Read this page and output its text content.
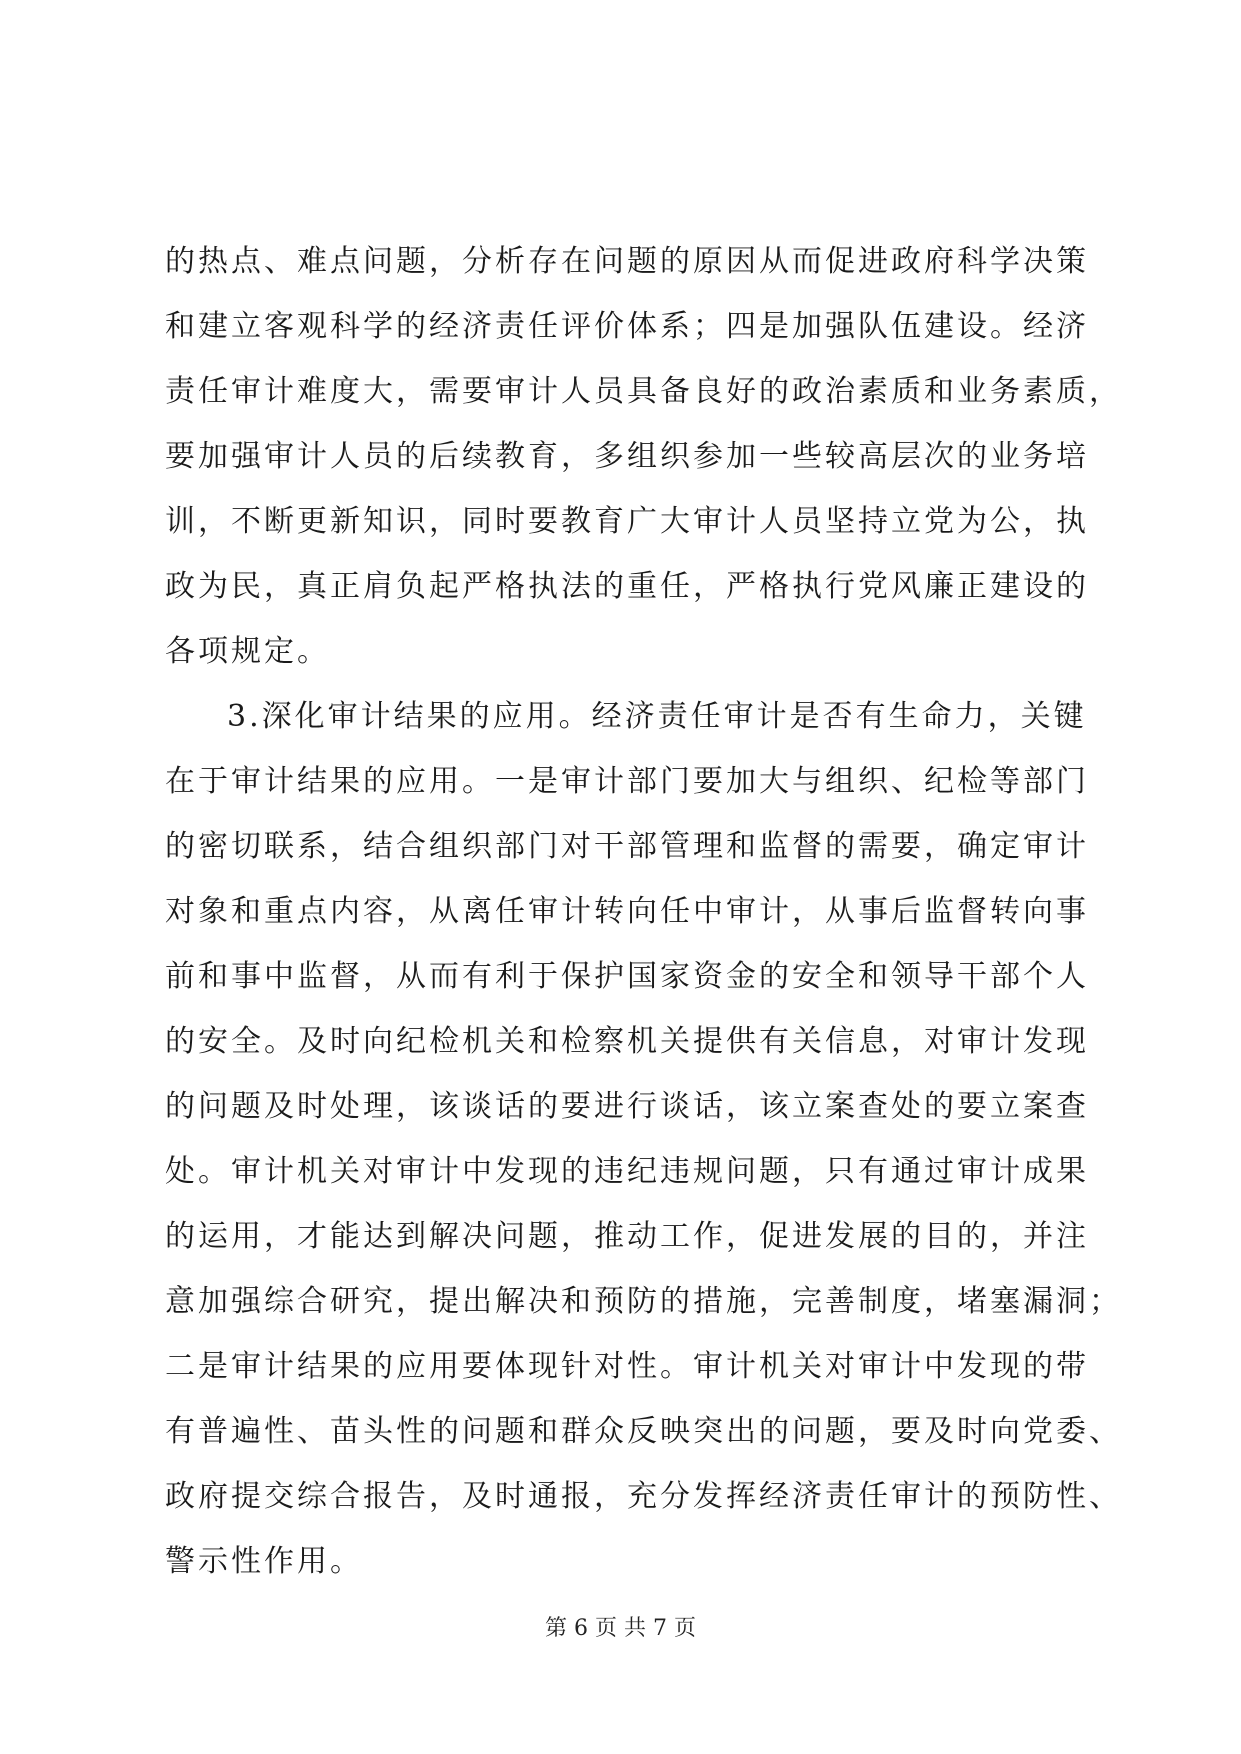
的热点、难点问题，分析存在问题的原因从而促进政府科学决策
和建立客观科学的经济责任评价体系；四是加强队伍建设。经济
责任审计难度大，需要审计人员具备良好的政治素质和业务素质，
要加强审计人员的后续教育，多组织参加一些较高层次的业务培
训，不断更新知识，同时要教育广大审计人员坚持立党为公，执
政为民，真正肩负起严格执法的重任，严格执行党风廉正建设的
各项规定。
3.深化审计结果的应用。经济责任审计是否有生命力，关键
在于审计结果的应用。一是审计部门要加大与组织、纪检等部门
的密切联系，结合组织部门对干部管理和监督的需要，确定审计
对象和重点内容，从离任审计转向任中审计，从事后监督转向事
前和事中监督，从而有利于保护国家资金的安全和领导干部个人
的安全。及时向纪检机关和检察机关提供有关信息，对审计发现
的问题及时处理，该谈话的要进行谈话，该立案查处的要立案查
处。审计机关对审计中发现的违纪违规问题，只有通过审计成果
的运用，才能达到解决问题，推动工作，促进发展的目的，并注
意加强综合研究，提出解决和预防的措施，完善制度，堵塞漏洞；
二是审计结果的应用要体现针对性。审计机关对审计中发现的带
有普遍性、苗头性的问题和群众反映突出的问题，要及时向党委、
政府提交综合报告，及时通报，充分发挥经济责任审计的预防性、
警示性作用。
第 6 页 共 7 页
